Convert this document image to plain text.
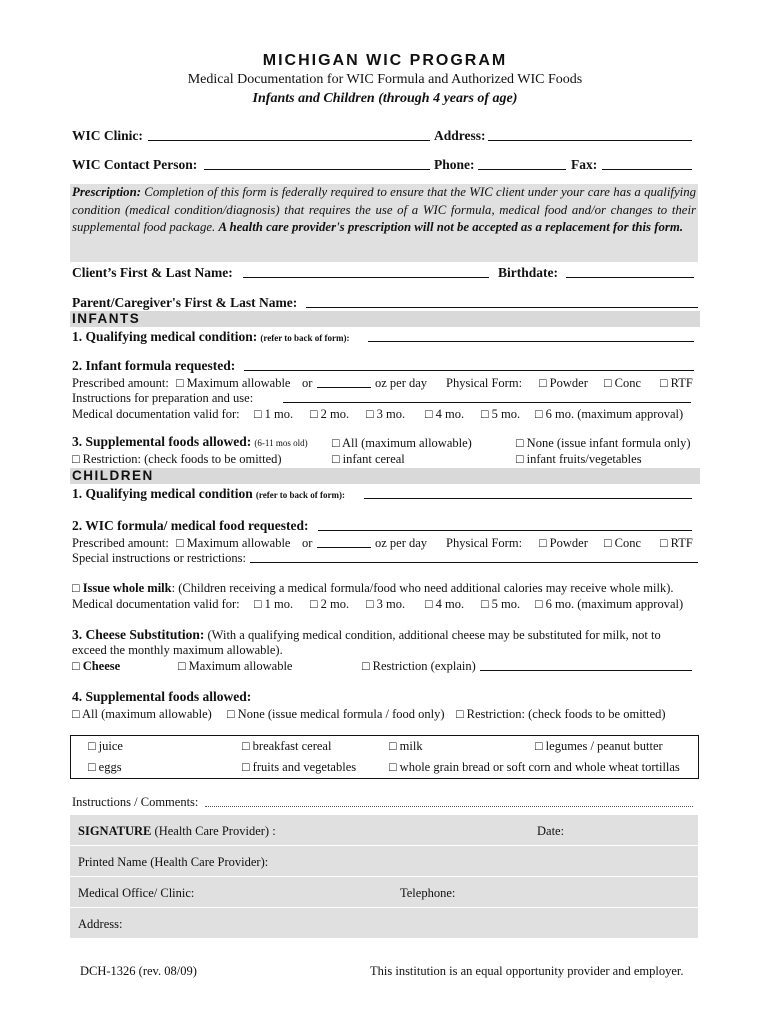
MICHIGAN WIC PROGRAM
Medical Documentation for WIC Formula and Authorized WIC Foods
Infants and Children (through 4 years of age)
WIC Clinic:	Address:
WIC Contact Person:	Phone:	Fax:
Prescription: Completion of this form is federally required to ensure that the WIC client under your care has a qualifying condition (medical condition/diagnosis) that requires the use of a WIC formula, medical food and/or changes to their supplemental food package. A health care provider's prescription will not be accepted as a replacement for this form.
Client’s First & Last Name:	Birthdate:
Parent/Caregiver's First & Last Name:
INFANTS
1. Qualifying medical condition: (refer to back of form):
2. Infant formula requested:
Prescribed amount: □ Maximum allowable or	oz per day Physical Form: □ Powder □ Conc □ RTF
Instructions for preparation and use:
Medical documentation valid for: □ 1 mo. □ 2 mo. □ 3 mo. □ 4 mo. □ 5 mo. □ 6 mo. (maximum approval)
3. Supplemental foods allowed: (6-11 mos old) □ All (maximum allowable)	□ None (issue infant formula only)
□ Restriction: (check foods to be omitted)	□ infant cereal	□ infant fruits/vegetables
CHILDREN
1. Qualifying medical condition (refer to back of form):
2. WIC formula/ medical food requested:
Prescribed amount: □ Maximum allowable or	oz per day Physical Form: □ Powder □ Conc □ RTF
Special instructions or restrictions:
□ Issue whole milk: (Children receiving a medical formula/food who need additional calories may receive whole milk).
Medical documentation valid for: □ 1 mo. □ 2 mo. □ 3 mo. □ 4 mo. □ 5 mo. □ 6 mo. (maximum approval)
3. Cheese Substitution: (With a qualifying medical condition, additional cheese may be substituted for milk, not to
exceed the monthly maximum allowable).
□ Cheese	□ Maximum allowable	□ Restriction (explain)
4. Supplemental foods allowed:
□ All (maximum allowable) □ None (issue medical formula / food only) □ Restriction: (check foods to be omitted)
□ juice	□ breakfast cereal	□ milk	□ legumes / peanut butter
□ eggs	□ fruits and vegetables	□ whole grain bread or soft corn and whole wheat tortillas
Instructions / Comments:
SIGNATURE (Health Care Provider) :	Date:
Printed Name (Health Care Provider):
Medical Office/ Clinic:	Telephone:
Address:
DCH-1326 (rev. 08/09)	This institution is an equal opportunity provider and employer.
